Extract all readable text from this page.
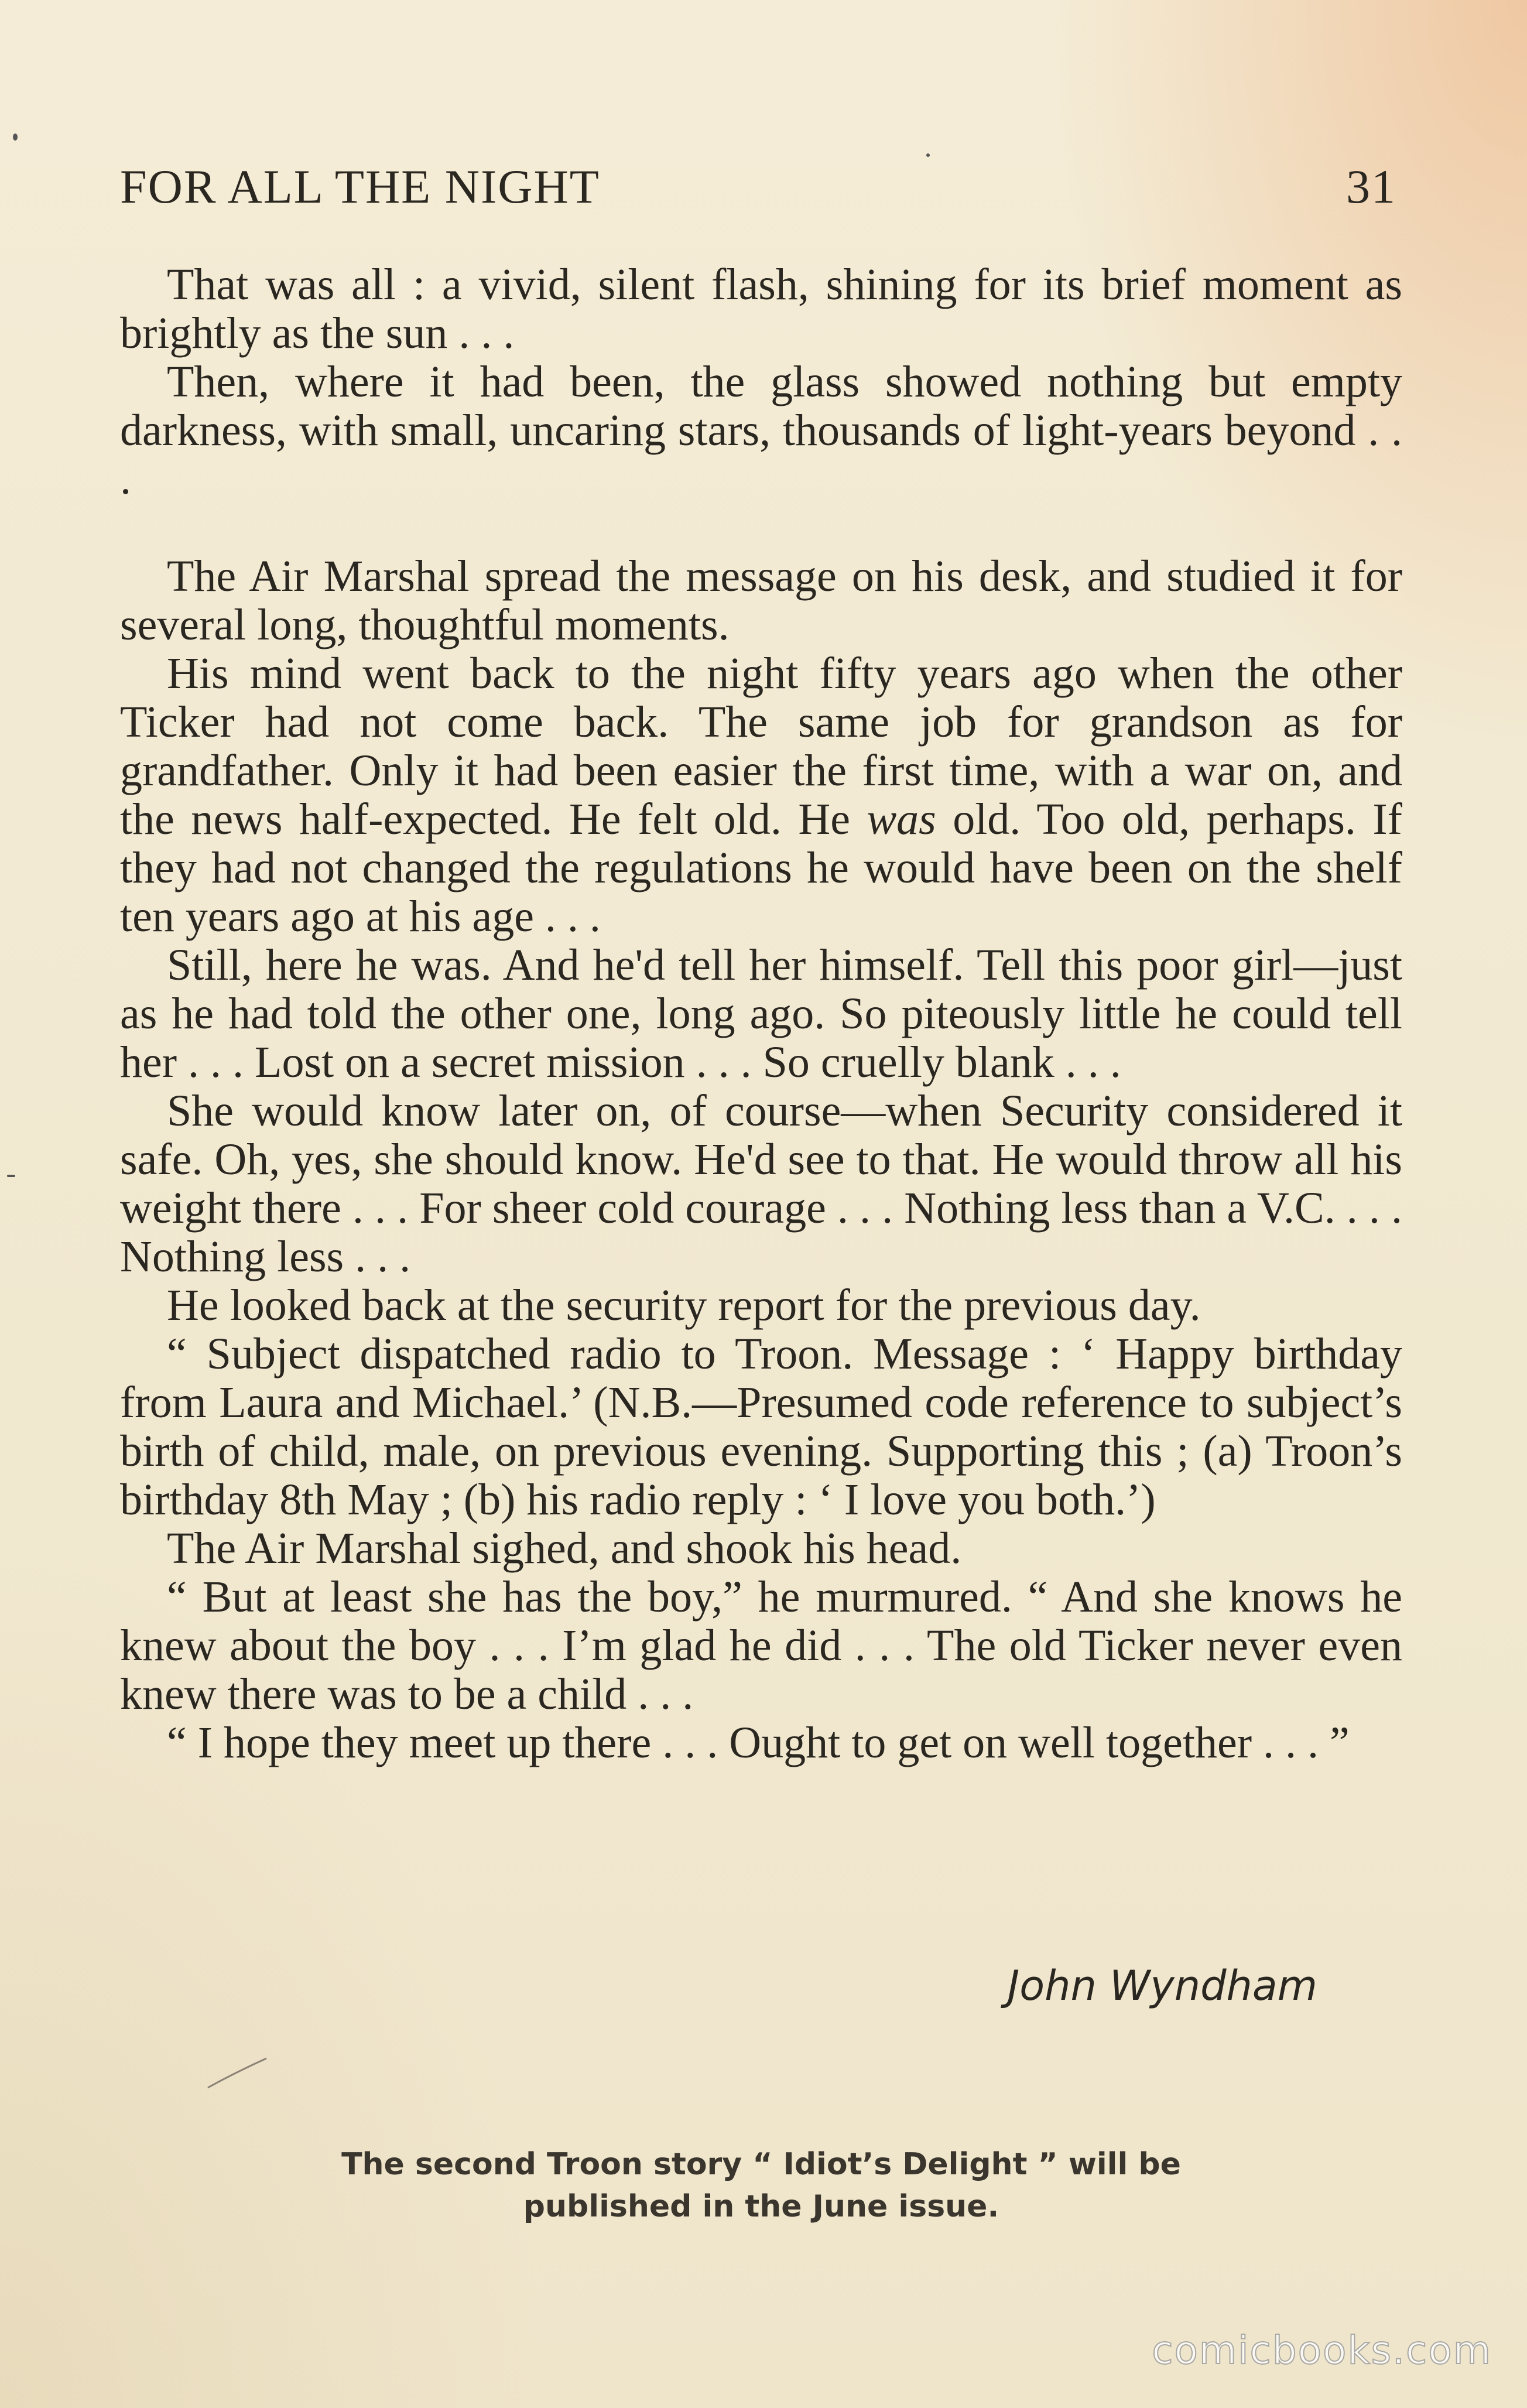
FOR ALL THE NIGHT	31

That was all : a vivid, silent flash, shining for its brief moment as brightly as the sun . . .

Then, where it had been, the glass showed nothing but empty darkness, with small, uncaring stars, thousands of light-years beyond . . .

The Air Marshal spread the message on his desk, and studied it for several long, thoughtful moments.

His mind went back to the night fifty years ago when the other Ticker had not come back. The same job for grandson as for grandfather. Only it had been easier the first time, with a war on, and the news half-expected. He felt old. He was old. Too old, perhaps. If they had not changed the regulations he would have been on the shelf ten years ago at his age . . .

Still, here he was. And he'd tell her himself. Tell this poor girl—just as he had told the other one, long ago. So piteously little he could tell her . . . Lost on a secret mission . . . So cruelly blank . . .

She would know later on, of course—when Security considered it safe. Oh, yes, she should know. He'd see to that. He would throw all his weight there . . . For sheer cold courage . . . Nothing less than a V.C. . . . Nothing less . . .

He looked back at the security report for the previous day.

“ Subject dispatched radio to Troon. Message : ‘ Happy birthday from Laura and Michael.’ (N.B.—Presumed code reference to subject’s birth of child, male, on previous evening. Supporting this ; (a) Troon’s birthday 8th May ; (b) his radio reply : ‘ I love you both.’)

The Air Marshal sighed, and shook his head.

“ But at least she has the boy,” he murmured. “ And she knows he knew about the boy . . . I’m glad he did . . . The old Ticker never even knew there was to be a child . . .

“ I hope they meet up there . . . Ought to get on well together . . . ”

John Wyndham
The second Troon story “ Idiot’s Delight ” will be
published in the June issue.
comicbooks.com
